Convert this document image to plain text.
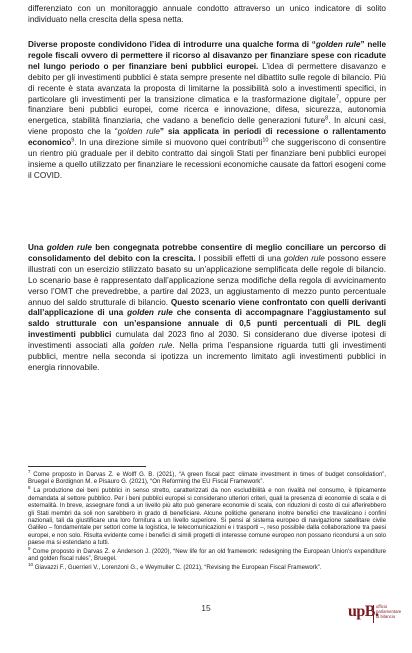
differenziato con un monitoraggio annuale condotto attraverso un unico indicatore di solito individuato nella crescita della spesa netta.

Diverse proposte condividono l’idea di introdurre una qualche forma di “golden rule” nelle regole fiscali ovvero di permettere il ricorso al disavanzo per finanziare spese con ricadute nel lungo periodo o per finanziare beni pubblici europei. L’idea di permettere disavanzo e debito per gli investimenti pubblici è stata sempre presente nel dibattito sulle regole di bilancio. Più di recente è stata avanzata la proposta di limitarne la possibilità solo a investimenti specifici, in particolare gli investimenti per la transizione climatica e la trasformazione digitale$^7$, oppure per finanziare beni pubblici europei, come ricerca e innovazione, difesa, sicurezza, autonomia energetica, stabilità finanziaria, che vadano a beneficio delle generazioni future$^8$. In alcuni casi, viene proposto che la “golden rule” sia applicata in periodi di recessione o rallentamento economico$^9$. In una direzione simile si muovono quei contributi$^{10}$ che suggeriscono di consentire un rientro più graduale per il debito contratto dai singoli Stati per finanziare beni pubblici europei insieme a quello utilizzato per finanziare le recessioni economiche causate da fattori esogeni come il COVID.

Una golden rule ben congegnata potrebbe consentire di meglio conciliare un percorso di consolidamento del debito con la crescita. I possibili effetti di una golden rule possono essere illustrati con un esercizio stilizzato basato su un’applicazione semplificata delle regole di bilancio. Lo scenario base è rappresentato dall’applicazione senza modifiche della regola di avvicinamento verso l’OMT che prevedrebbe, a partire dal 2023, un aggiustamento di mezzo punto percentuale annuo del saldo strutturale di bilancio. Questo scenario viene confrontato con quelli derivanti dall’applicazione di una golden rule che consenta di accompagnare l’aggiustamento sul saldo strutturale con un’espansione annuale di 0,5 punti percentuali di PIL degli investimenti pubblici cumulata dal 2023 fino al 2030. Si considerano due diverse ipotesi di investimenti associati alla golden rule. Nella prima l’espansione riguarda tutti gli investimenti pubblici, mentre nella seconda si ipotizza un incremento limitato agli investimenti pubblici in energia rinnovabile.

$^7$ Come proposto in Darvas Z. e Wolff G. B. (2021), “A green fiscal pact: climate investment in times of budget consolidation”, Bruegel e Bordignon M. e Pisauro G. (2021), “On Reforming the EU Fiscal Framework”.

$^8$ La produzione dei beni pubblici in senso stretto, caratterizzati da non escludibilità e non rivalità nel consumo, è tipicamente demandata al settore pubblico. Per i beni pubblici europei si considerano ulteriori criteri, quali la presenza di economie di scala e di esternalità. In breve, assegnare fondi a un livello più alto può generare economie di scala, con riduzioni di costo di cui afferirebbero gli Stati membri da soli non sarebbero in grado di beneficiare. Alcune politiche generano inoltre benefici che travalicano i confini nazionali, tali da giustificare una loro fornitura a un livello superiore. Si pensi al sistema europeo di navigazione satellitare civile Galileo – fondamentale per settori come la logistica, le telecomunicazioni e i trasporti –, reso possibile dalla collaborazione tra paesi europei, e non solo. Risulta evidente come i benefici di simili progetti di interesse comune europeo non possano ricondursi a un solo paese ma si estendano a tutti.

$^9$ Come proposto in Darvas Z. e Anderson J. (2020), “New life for an old framework: redesigning the European Union’s expenditure and golden fiscal rules”, Bruegel.

$^{10}$ Giavazzi F., Guerrieri V., Lorenzoni G., e Weymuller C. (2021), “Revising the European Fiscal Framework”.

15	upB.
ufficio
parlamentare
di bilancio
